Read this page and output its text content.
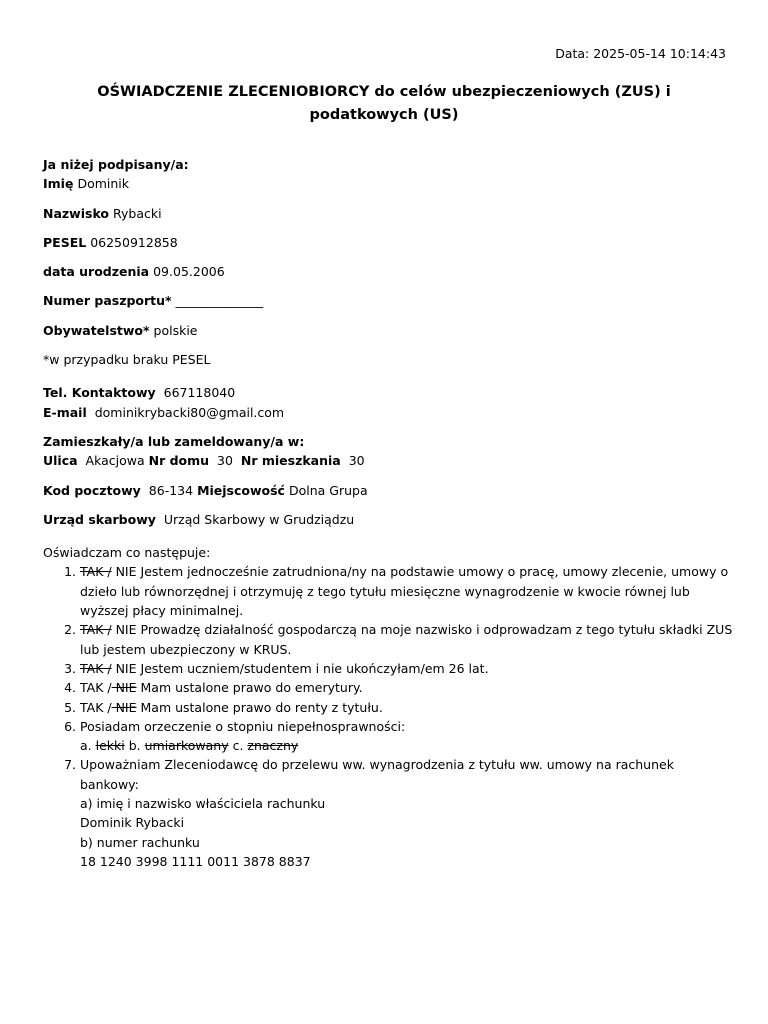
Data: 2025-05-14 10:14:43
OŚWIADCZENIE ZLECENIOBIORCY do celów ubezpieczeniowych (ZUS) i podatkowych (US)
Ja niżej podpisany/a:
Imię Dominik
Nazwisko Rybacki
PESEL 06250912858
data urodzenia 09.05.2006
Numer paszportu* ______________
Obywatelstwo* polskie
*w przypadku braku PESEL
Tel. Kontaktowy 667118040
E-mail dominikrybacki80@gmail.com
Zamieszkały/a lub zameldowany/a w:
Ulica Akacjowa Nr domu 30 Nr mieszkania 30
Kod pocztowy 86-134 Miejscowość Dolna Grupa
Urząd skarbowy Urząd Skarbowy w Grudziądzu
Oświadczam co następuje:
1. TAK / NIE Jestem jednocześnie zatrudniona/ny na podstawie umowy o pracę, umowy zlecenie, umowy o dzieło lub równorzędnej i otrzymuję z tego tytułu miesięczne wynagrodzenie w kwocie równej lub wyższej płacy minimalnej.
2. TAK / NIE Prowadzę działalność gospodarczą na moje nazwisko i odprowadzam z tego tytułu składki ZUS lub jestem ubezpieczony w KRUS.
3. TAK / NIE Jestem uczniem/studentem i nie ukończyłam/em 26 lat.
4. TAK / NIE Mam ustalone prawo do emerytury.
5. TAK / NIE Mam ustalone prawo do renty z tytułu.
6. Posiadam orzeczenie o stopniu niepełnosprawności:
a. lekki b. umiarkowany c. znaczny
7. Upoważniam Zleceniodawcę do przelewu ww. wynagrodzenia z tytułu ww. umowy na rachunek bankowy:
a) imię i nazwisko właściciela rachunku
Dominik Rybacki
b) numer rachunku
18 1240 3998 1111 0011 3878 8837
